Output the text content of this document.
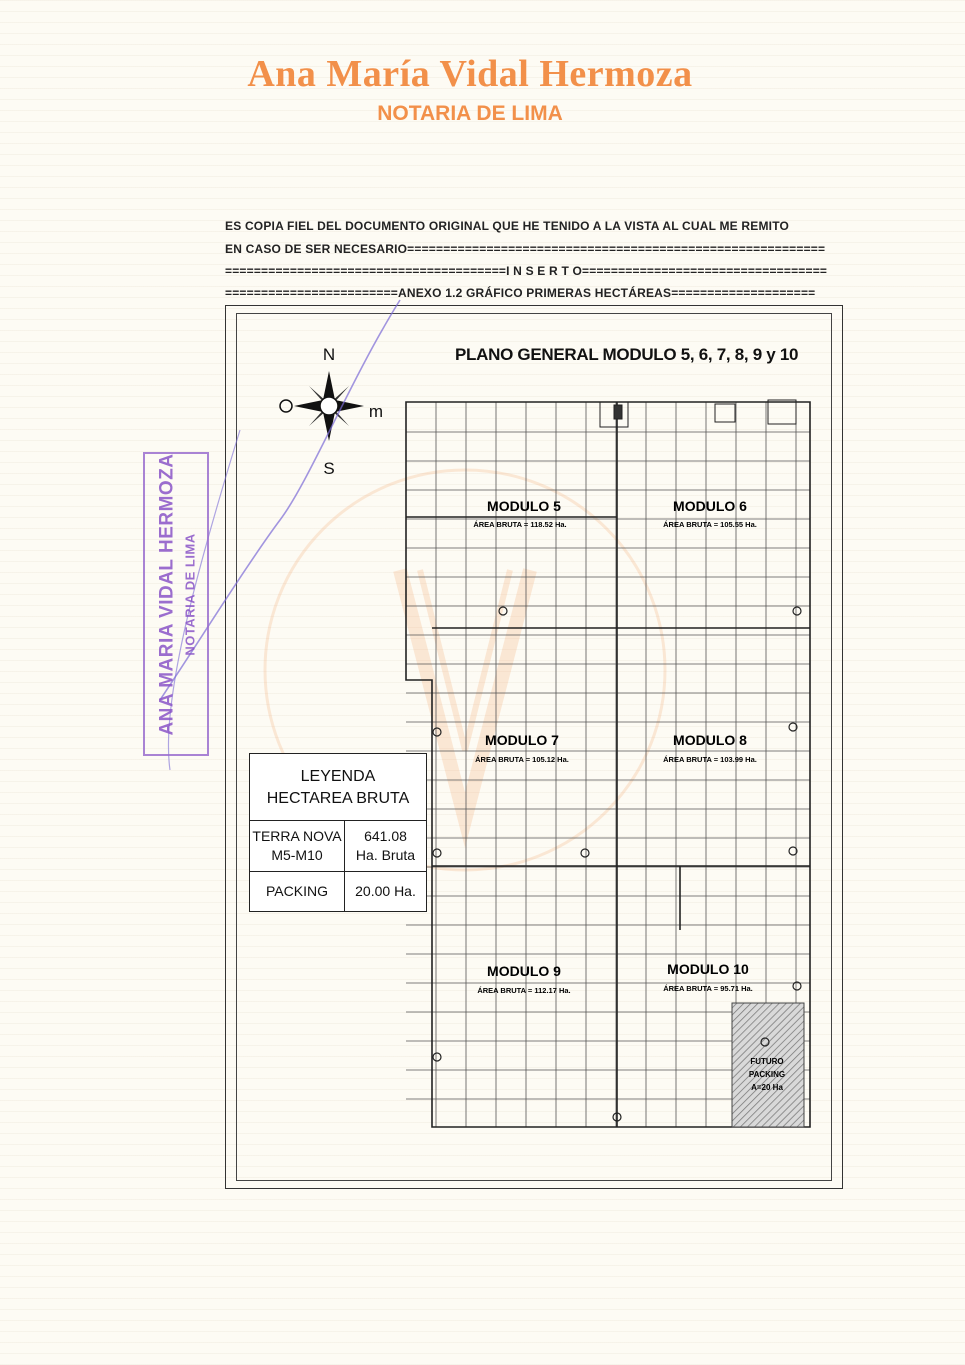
Ana María Vidal Hermoza
NOTARIA DE LIMA
ES COPIA FIEL DEL DOCUMENTO ORIGINAL QUE HE TENIDO A LA VISTA AL CUAL ME REMITO
EN CASO DE SER NECESARIO==========================================================
=======================================I N S E R T O==================================
========================ANEXO 1.2 GRÁFICO PRIMERAS HECTÁREAS====================
PLANO GENERAL MODULO 5, 6, 7, 8, 9 y 10
N
S
m
MODULO 5
ÁREA BRUTA = 118.52 Ha.
MODULO 6
ÁREA BRUTA = 105.55 Ha.
MODULO 7
ÁREA BRUTA = 105.12 Ha.
MODULO 8
ÁREA BRUTA = 103.99 Ha.
MODULO 9
ÁREA BRUTA = 112.17 Ha.
MODULO 10
ÁREA BRUTA = 95.71 Ha.
FUTURO
PACKING
A=20 Ha
LEYENDA
HECTAREA BRUTA
TERRA NOVA
M5-M10
641.08
Ha. Bruta
PACKING	20.00 Ha.
ANA MARIA VIDAL HERMOZA NOTARIA DE LIMA
